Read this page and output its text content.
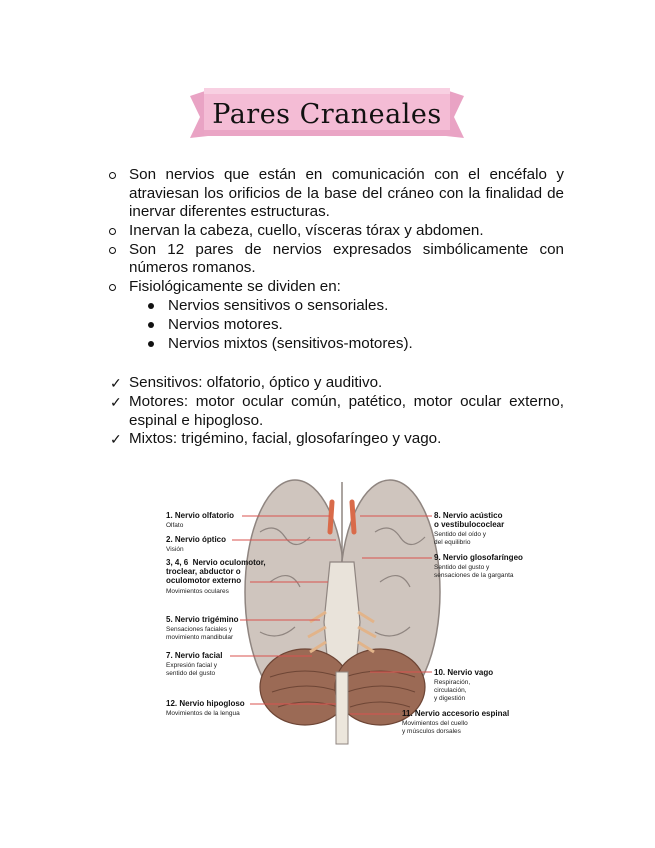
Pares Craneales
Son nervios que están en comunicación con el encéfalo y atraviesan los orificios de la base del cráneo con la finalidad de inervar diferentes estructuras.
Inervan la cabeza, cuello, vísceras tórax y abdomen.
Son 12 pares de nervios expresados simbólicamente con números romanos.
Fisiológicamente se dividen en:
Nervios sensitivos o sensoriales.
Nervios motores.
Nervios mixtos (sensitivos-motores).
✓ Sensitivos: olfatorio, óptico y auditivo.
✓ Motores: motor ocular común, patético, motor ocular externo, espinal e hipogloso.
✓ Mixtos: trigémino, facial, glosofaríngeo y vago.
1. Nervio olfatorio
Olfato
2. Nervio óptico
Visión
3, 4, 6  Nervio oculomotor,
troclear, abductor o
oculomotor externo
Movimientos oculares
5. Nervio trigémino
Sensaciones faciales y
movimiento mandibular
7. Nervio facial
Expresión facial y
sentido del gusto
12. Nervio hipogloso
Movimientos de la lengua
8. Nervio acústico
o vestibulococlear
Sentido del oído y
del equilibrio
9. Nervio glosofaríngeo
Sentido del gusto y
sensaciones de la garganta
10. Nervio vago
Respiración,
circulación,
y digestión
11. Nervio accesorio espinal
Movimientos del cuello
y músculos dorsales
